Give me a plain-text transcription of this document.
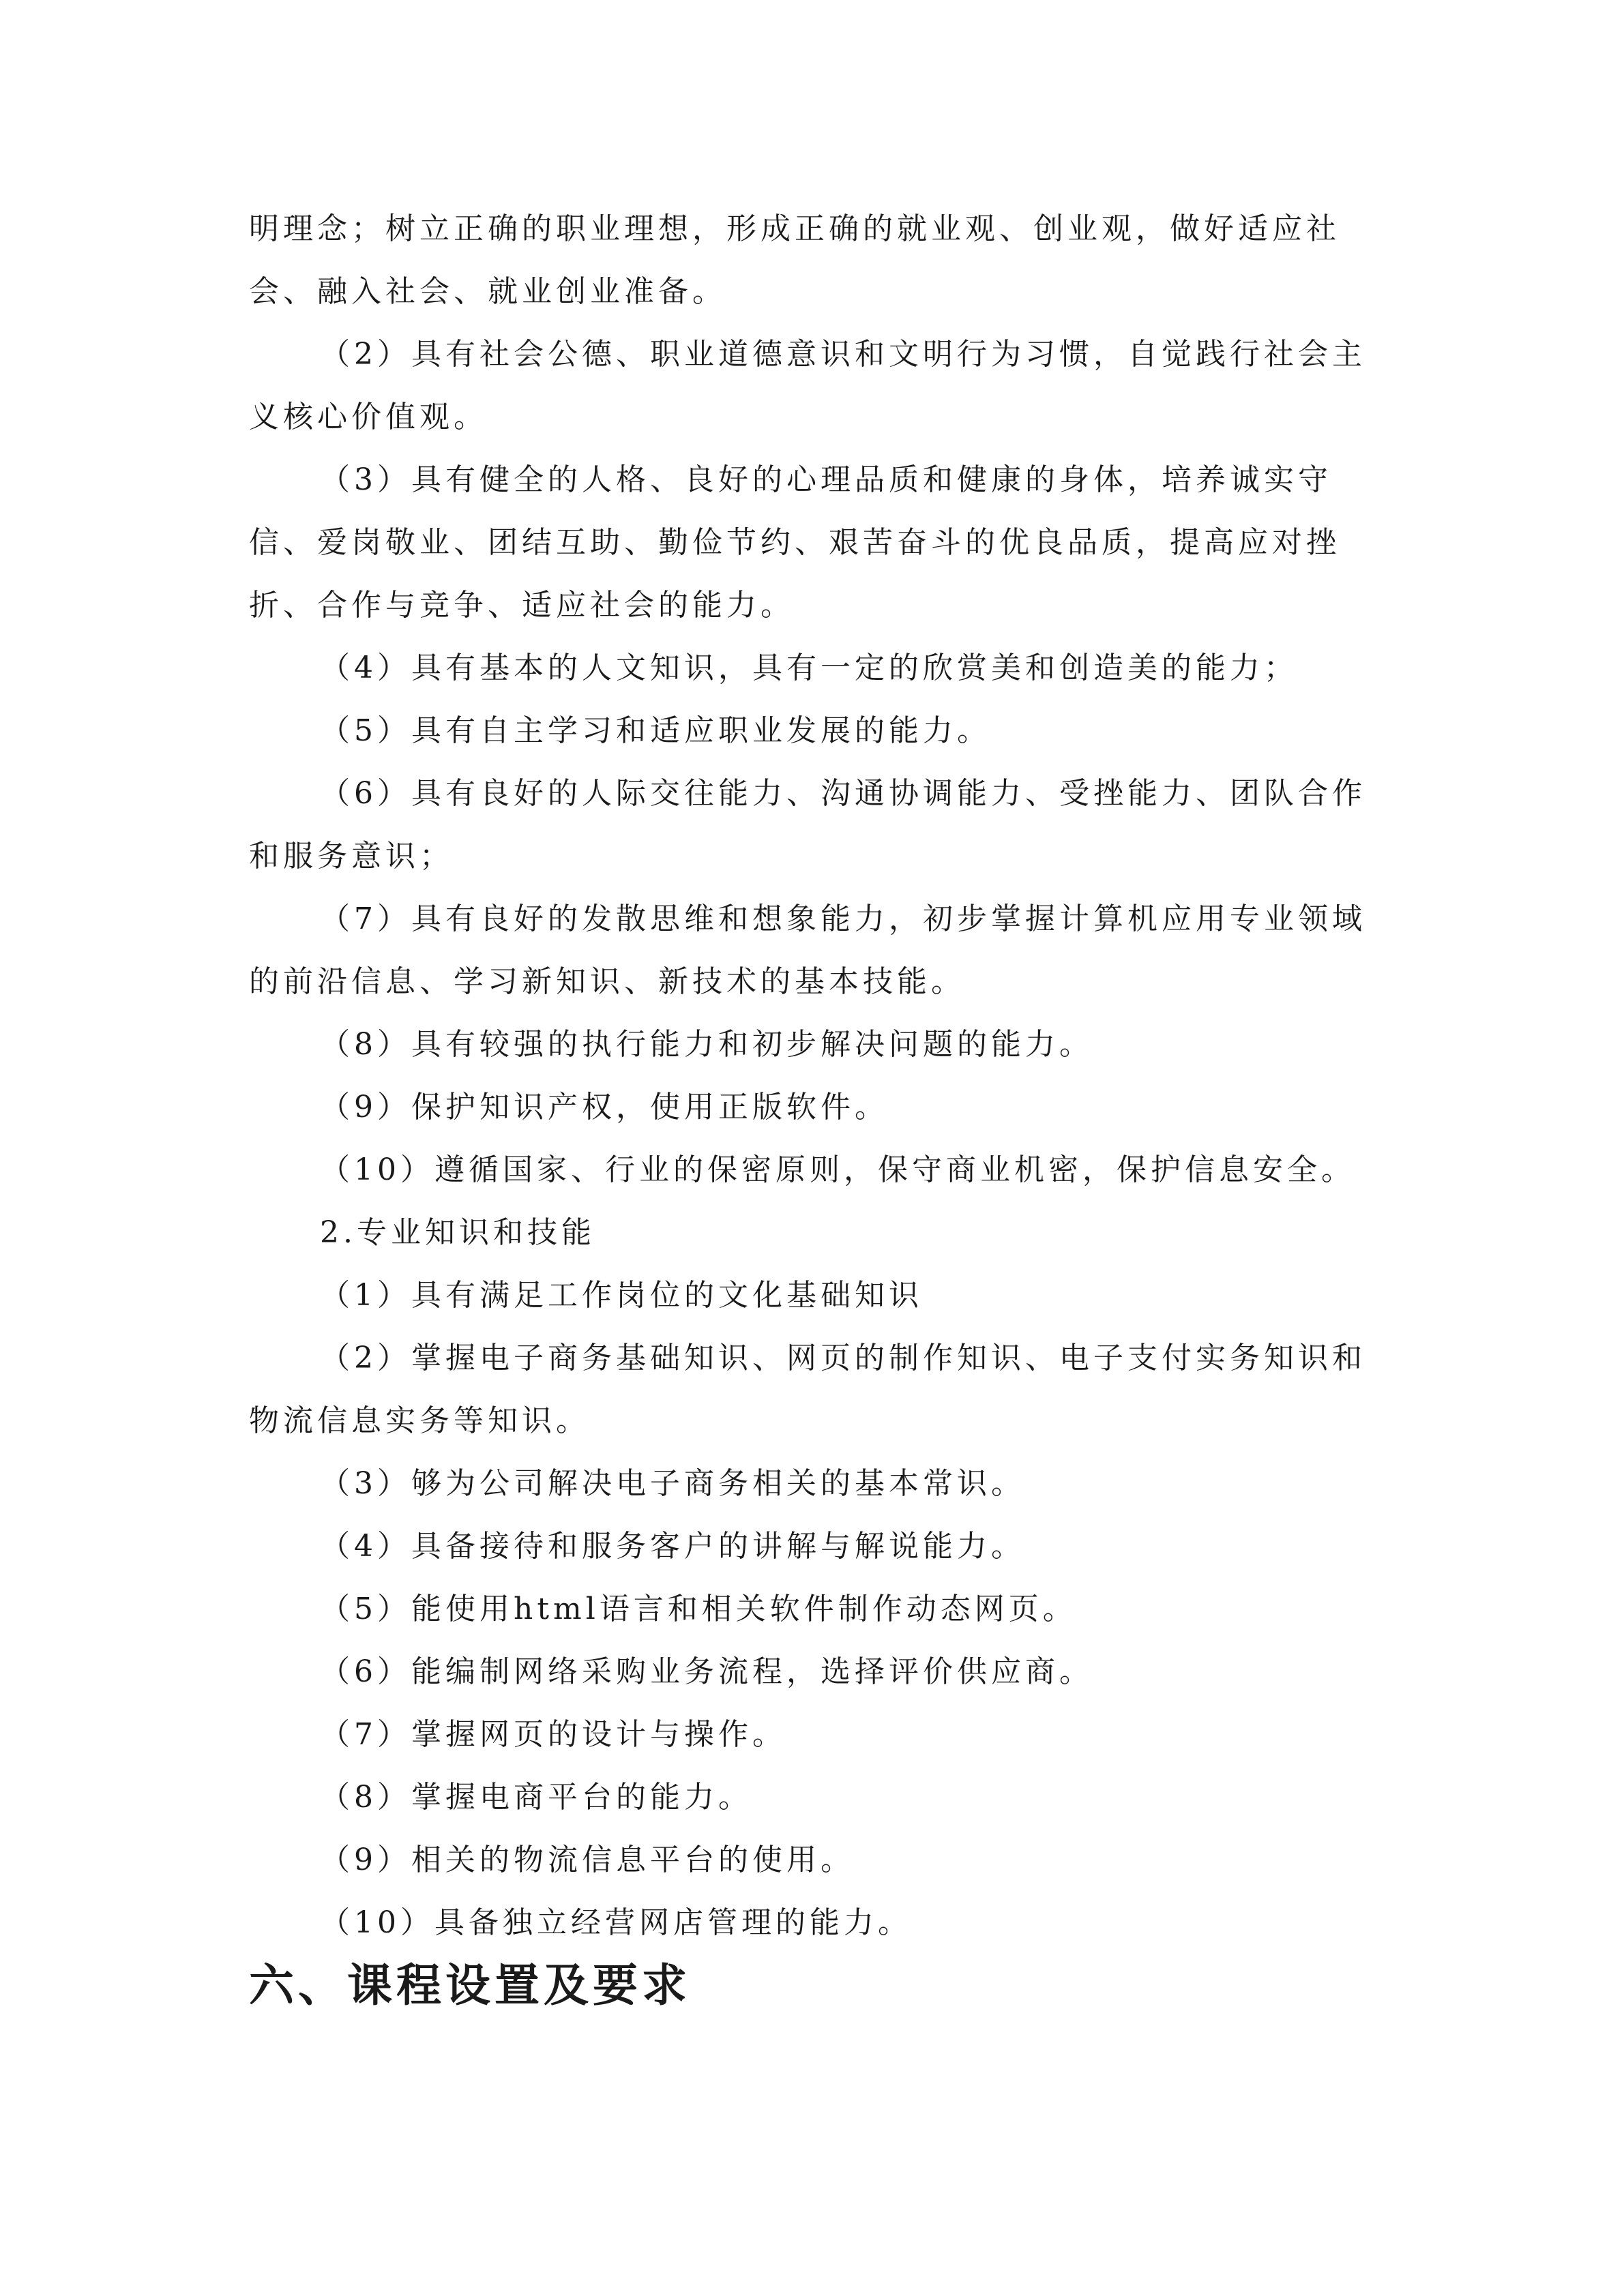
明理念；树立正确的职业理想，形成正确的就业观、创业观，做好适应社会、融入社会、就业创业准备。

（2）具有社会公德、职业道德意识和文明行为习惯，自觉践行社会主义核心价值观。

（3）具有健全的人格、良好的心理品质和健康的身体，培养诚实守信、爱岗敬业、团结互助、勤俭节约、艰苦奋斗的优良品质，提高应对挫折、合作与竞争、适应社会的能力。

（4）具有基本的人文知识，具有一定的欣赏美和创造美的能力；

（5）具有自主学习和适应职业发展的能力。

（6）具有良好的人际交往能力、沟通协调能力、受挫能力、团队合作和服务意识；

（7）具有良好的发散思维和想象能力，初步掌握计算机应用专业领域的前沿信息、学习新知识、新技术的基本技能。

（8）具有较强的执行能力和初步解决问题的能力。

（9）保护知识产权，使用正版软件。

（10）遵循国家、行业的保密原则，保守商业机密，保护信息安全。

2.专业知识和技能

（1）具有满足工作岗位的文化基础知识

（2）掌握电子商务基础知识、网页的制作知识、电子支付实务知识和物流信息实务等知识。

（3）够为公司解决电子商务相关的基本常识。

（4）具备接待和服务客户的讲解与解说能力。

（5）能使用html语言和相关软件制作动态网页。

（6）能编制网络采购业务流程，选择评价供应商。

（7）掌握网页的设计与操作。

（8）掌握电商平台的能力。

（9）相关的物流信息平台的使用。

（10）具备独立经营网店管理的能力。

六、课程设置及要求
